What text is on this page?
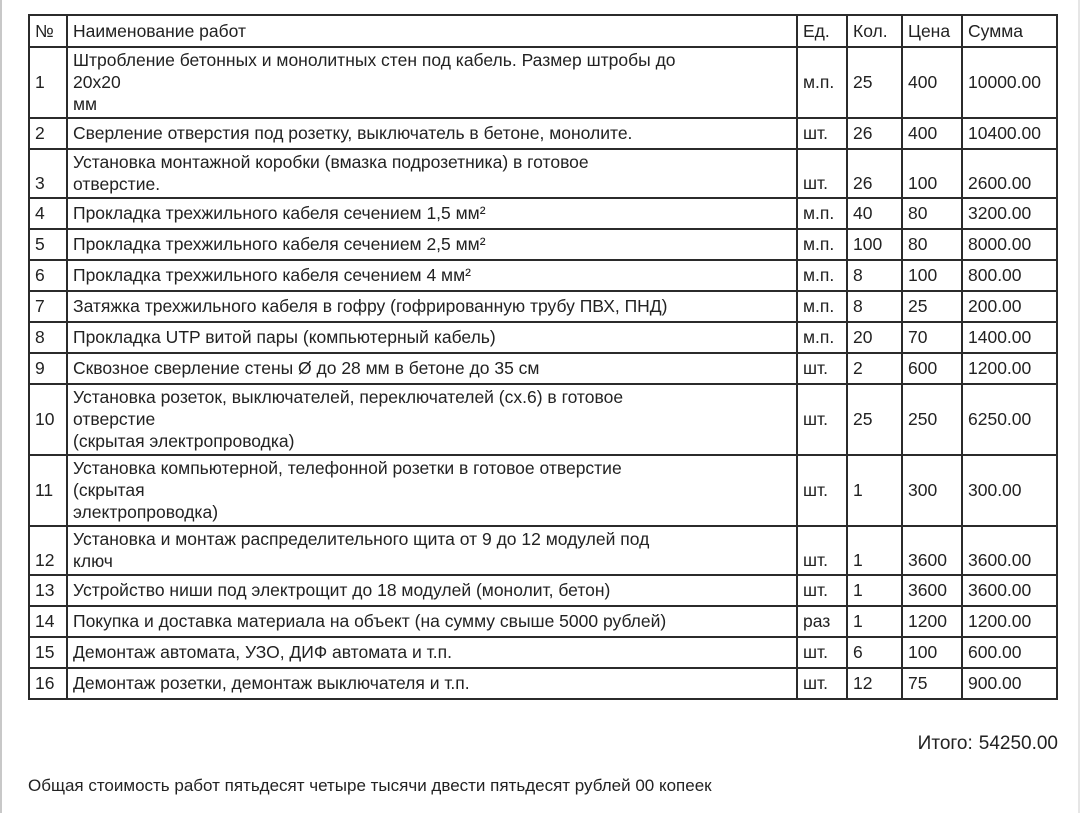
№	Наименование работ	Ед.	Кол.	Цена	Сумма
1	Штробление бетонных и монолитных стен под кабель. Размер штробы до
20x20
мм	м.п.	25	400	10000.00
2	Сверление отверстия под розетку, выключатель в бетоне, монолите.	шт.	26	400	10400.00
3	Установка монтажной коробки (вмазка подрозетника) в готовое
отверстие.	шт.	26	100	2600.00
4	Прокладка трехжильного кабеля сечением 1,5 мм²	м.п.	40	80	3200.00
5	Прокладка трехжильного кабеля сечением 2,5 мм²	м.п.	100	80	8000.00
6	Прокладка трехжильного кабеля сечением 4 мм²	м.п.	8	100	800.00
7	Затяжка трехжильного кабеля в гофру (гофрированную трубу ПВХ, ПНД)	м.п.	8	25	200.00
8	Прокладка UTP витой пары (компьютерный кабель)	м.п.	20	70	1400.00
9	Сквозное сверление стены Ø до 28 мм в бетоне до 35 см	шт.	2	600	1200.00
10	Установка розеток, выключателей, переключателей (сх.6) в готовое
отверстие
(скрытая электропроводка)	шт.	25	250	6250.00
11	Установка компьютерной, телефонной розетки в готовое отверстие
(скрытая
электропроводка)	шт.	1	300	300.00
12	Установка и монтаж распределительного щита от 9 до 12 модулей под
ключ	шт.	1	3600	3600.00
13	Устройство ниши под электрощит до 18 модулей (монолит, бетон)	шт.	1	3600	3600.00
14	Покупка и доставка материала на объект (на сумму свыше 5000 рублей)	раз	1	1200	1200.00
15	Демонтаж автомата, УЗО, ДИФ автомата и т.п.	шт.	6	100	600.00
16	Демонтаж розетки, демонтаж выключателя и т.п.	шт.	12	75	900.00
Итого: 54250.00
Общая стоимость работ пятьдесят четыре тысячи двести пятьдесят рублей 00 копеек
